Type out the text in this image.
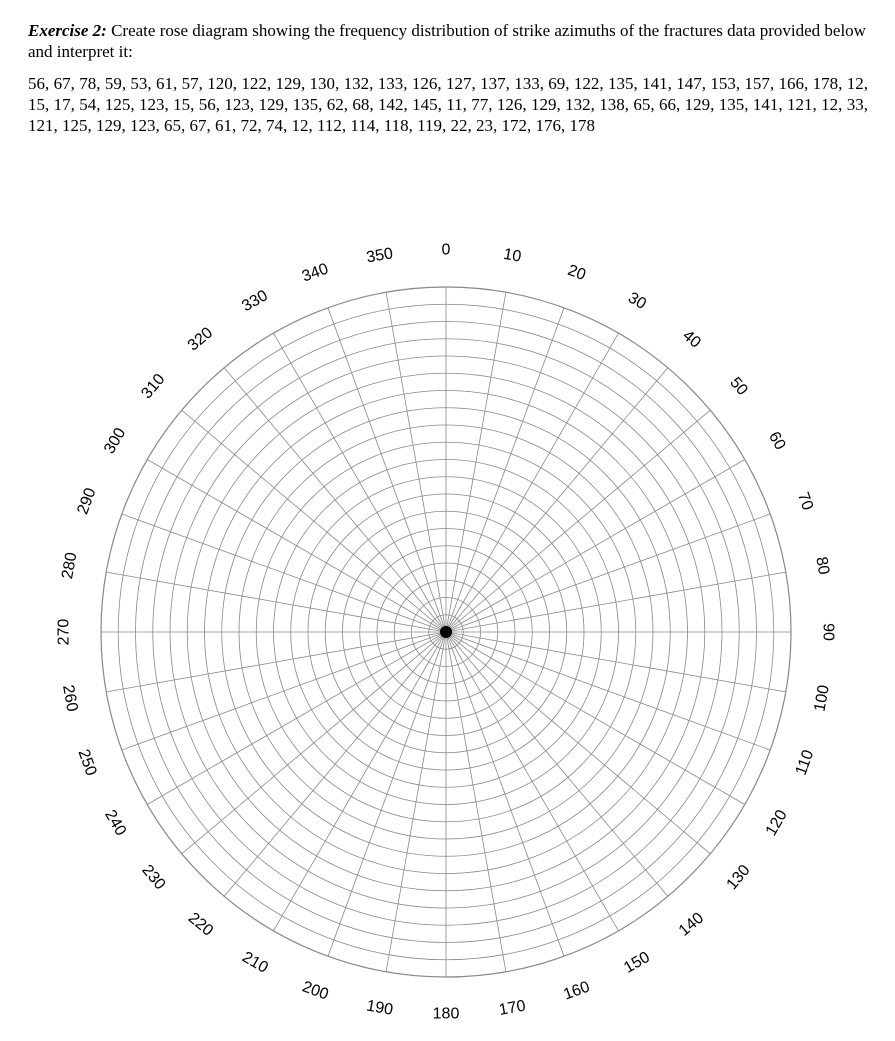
Exercise 2: Create rose diagram showing the frequency distribution of strike azimuths of the fractures data provided below and interpret it:

56, 67, 78, 59, 53, 61, 57, 120, 122, 129, 130, 132, 133, 126, 127, 137, 133, 69, 122, 135, 141, 147, 153, 157, 166, 178, 12, 15, 17, 54, 125, 123, 15, 56, 123, 129, 135, 62, 68, 142, 145, 11, 77, 126, 129, 132, 138, 65, 66, 129, 135, 141, 121, 12, 33, 121, 125, 129, 123, 65, 67, 61, 72, 74, 12, 112, 114, 118, 119, 22, 23, 172, 176, 178

0	10
20
30
40
50
60
70
80
90
100
110
120
130
140
150
160
170
180
190
200
210
220
230
240
250
260
270
280
290
300
310
320
330
340
350
